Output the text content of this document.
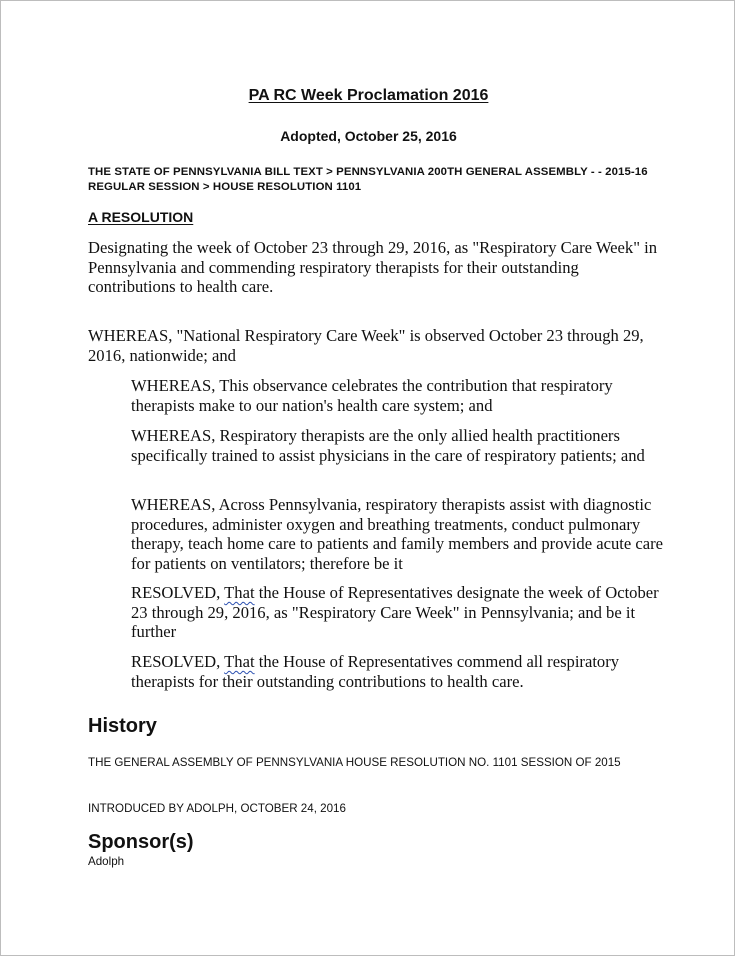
PA RC Week Proclamation 2016
Adopted, October 25, 2016
THE STATE OF PENNSYLVANIA BILL TEXT > PENNSYLVANIA 200TH GENERAL ASSEMBLY - - 2015-16 REGULAR SESSION > HOUSE RESOLUTION 1101
A RESOLUTION
Designating the week of October 23 through 29, 2016, as "Respiratory Care Week" in Pennsylvania and commending respiratory therapists for their outstanding contributions to health care.
WHEREAS, "National Respiratory Care Week" is observed October 23 through 29, 2016, nationwide; and
WHEREAS, This observance celebrates the contribution that respiratory therapists make to our nation's health care system; and
WHEREAS, Respiratory therapists are the only allied health practitioners specifically trained to assist physicians in the care of respiratory patients; and
WHEREAS, Across Pennsylvania, respiratory therapists assist with diagnostic procedures, administer oxygen and breathing treatments, conduct pulmonary therapy, teach home care to patients and family members and provide acute care for patients on ventilators; therefore be it
RESOLVED, That the House of Representatives designate the week of October 23 through 29, 2016, as "Respiratory Care Week" in Pennsylvania; and be it further
RESOLVED, That the House of Representatives commend all respiratory therapists for their outstanding contributions to health care.
History
THE GENERAL ASSEMBLY OF PENNSYLVANIA HOUSE RESOLUTION NO. 1101 SESSION OF 2015
INTRODUCED BY ADOLPH, OCTOBER 24, 2016
Sponsor(s)
Adolph
